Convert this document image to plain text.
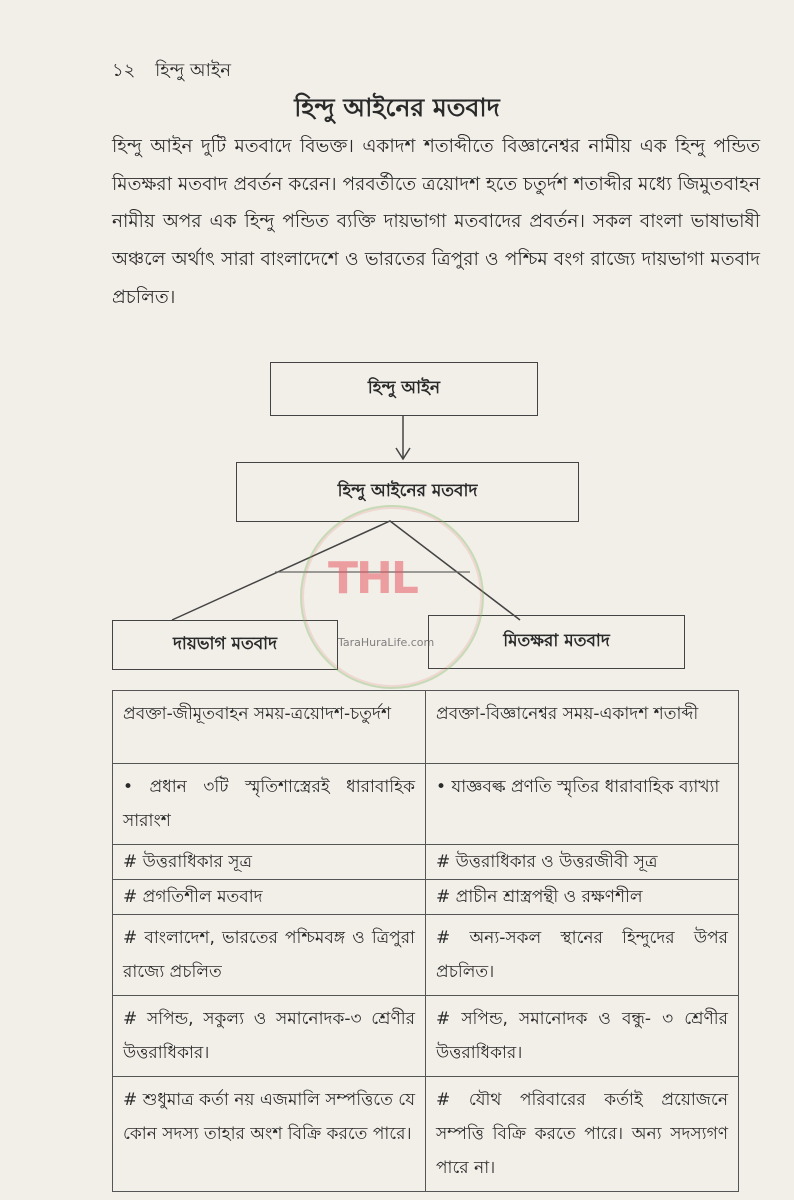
১২ হিন্দু আইন
হিন্দু আইনের মতবাদ
হিন্দু আইন দুটি মতবাদে বিভক্ত। একাদশ শতাব্দীতে বিজ্ঞানেশ্বর নামীয় এক হিন্দু পন্ডিত মিতক্ষরা মতবাদ প্রবর্তন করেন। পরবর্তীতে ত্রয়োদশ হতে চতুর্দশ শতাব্দীর মধ্যে জিমুতবাহন নামীয় অপর এক হিন্দু পন্ডিত ব্যক্তি দায়ভাগা মতবাদের প্রবর্তন। সকল বাংলা ভাষাভাষী অঞ্চলে অর্থাৎ সারা বাংলাদেশে ও ভারতের ত্রিপুরা ও পশ্চিম বংগ রাজ্যে দায়ভাগা মতবাদ প্রচলিত।
হিন্দু আইন
হিন্দু আইনের মতবাদ
দায়ভাগ মতবাদ	মিতক্ষরা মতবাদ
THL
TaraHuraLife.com
প্রবক্তা-জীমূতবাহন সময়-ত্রয়োদশ-চতুর্দশ	প্রবক্তা-বিজ্ঞানেশ্বর সময়-একাদশ শতাব্দী
• প্রধান ৩টি স্মৃতিশাস্ত্রেরই ধারাবাহিক সারাংশ	• যাজ্ঞবল্ক প্রণতি স্মৃতির ধারাবাহিক ব্যাখ্যা
# উত্তরাধিকার সূত্র	# উত্তরাধিকার ও উত্তরজীবী সূত্র
# প্রগতিশীল মতবাদ	# প্রাচীন শ্রাস্ত্রপন্থী ও রক্ষণশীল
# বাংলাদেশ, ভারতের পশ্চিমবঙ্গ ও ত্রিপুরা রাজ্যে প্রচলিত	# অন্য-সকল স্থানের হিন্দুদের উপর প্রচলিত।
# সপিন্ড, সকুল্য ও সমানোদক-৩ শ্রেণীর উত্তরাধিকার।	# সপিন্ড, সমানোদক ও বন্ধু- ৩ শ্রেণীর উত্তরাধিকার।
# শুধুমাত্র কর্তা নয় এজমালি সম্পত্তিতে যে কোন সদস্য তাহার অংশ বিক্রি করতে পারে।	# যৌথ পরিবারের কর্তাই প্রয়োজনে সম্পত্তি বিক্রি করতে পারে। অন্য সদস্যগণ পারে না।
